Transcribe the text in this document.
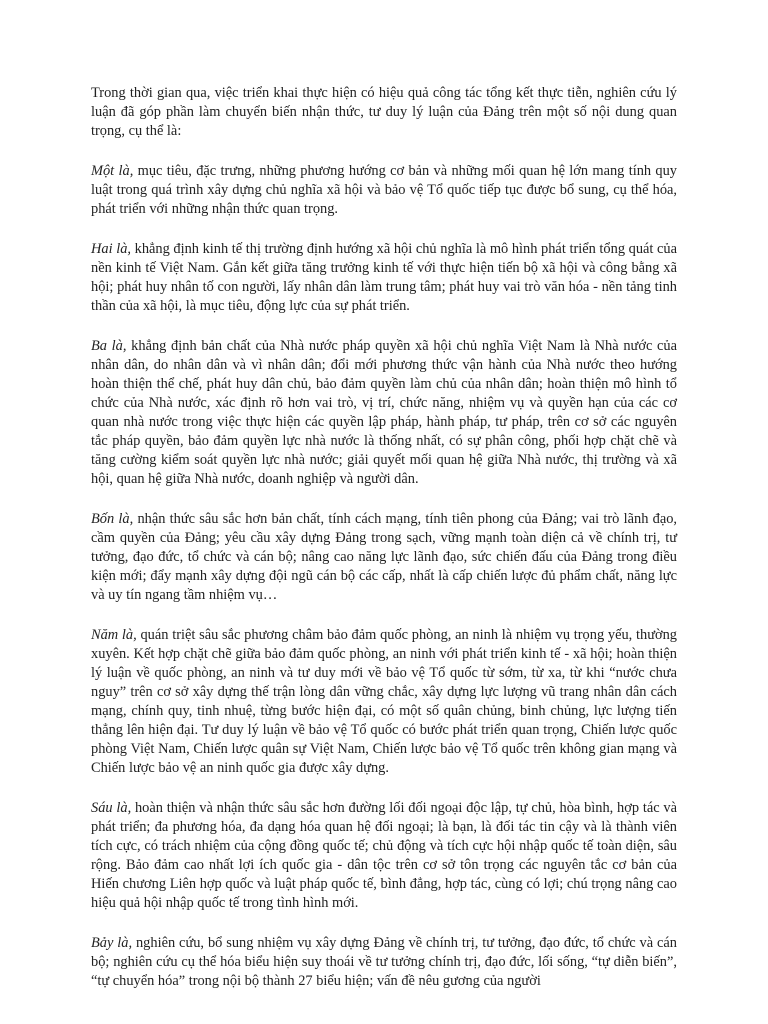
Trong thời gian qua, việc triển khai thực hiện có hiệu quả công tác tổng kết thực tiễn, nghiên cứu lý luận đã góp phần làm chuyển biến nhận thức, tư duy lý luận của Đảng trên một số nội dung quan trọng, cụ thể là:

Một là, mục tiêu, đặc trưng, những phương hướng cơ bản và những mối quan hệ lớn mang tính quy luật trong quá trình xây dựng chủ nghĩa xã hội và bảo vệ Tổ quốc tiếp tục được bổ sung, cụ thể hóa, phát triển với những nhận thức quan trọng.

Hai là, khẳng định kinh tế thị trường định hướng xã hội chủ nghĩa là mô hình phát triển tổng quát của nền kinh tế Việt Nam. Gắn kết giữa tăng trưởng kinh tế với thực hiện tiến bộ xã hội và công bằng xã hội; phát huy nhân tố con người, lấy nhân dân làm trung tâm; phát huy vai trò văn hóa - nền tảng tinh thần của xã hội, là mục tiêu, động lực của sự phát triển.

Ba là, khẳng định bản chất của Nhà nước pháp quyền xã hội chủ nghĩa Việt Nam là Nhà nước của nhân dân, do nhân dân và vì nhân dân; đổi mới phương thức vận hành của Nhà nước theo hướng hoàn thiện thể chế, phát huy dân chủ, bảo đảm quyền làm chủ của nhân dân; hoàn thiện mô hình tổ chức của Nhà nước, xác định rõ hơn vai trò, vị trí, chức năng, nhiệm vụ và quyền hạn của các cơ quan nhà nước trong việc thực hiện các quyền lập pháp, hành pháp, tư pháp, trên cơ sở các nguyên tắc pháp quyền, bảo đảm quyền lực nhà nước là thống nhất, có sự phân công, phối hợp chặt chẽ và tăng cường kiểm soát quyền lực nhà nước; giải quyết mối quan hệ giữa Nhà nước, thị trường và xã hội, quan hệ giữa Nhà nước, doanh nghiệp và người dân.

Bốn là, nhận thức sâu sắc hơn bản chất, tính cách mạng, tính tiên phong của Đảng; vai trò lãnh đạo, cầm quyền của Đảng; yêu cầu xây dựng Đảng trong sạch, vững mạnh toàn diện cả về chính trị, tư tưởng, đạo đức, tổ chức và cán bộ; nâng cao năng lực lãnh đạo, sức chiến đấu của Đảng trong điều kiện mới; đẩy mạnh xây dựng đội ngũ cán bộ các cấp, nhất là cấp chiến lược đủ phẩm chất, năng lực và uy tín ngang tầm nhiệm vụ…

Năm là, quán triệt sâu sắc phương châm bảo đảm quốc phòng, an ninh là nhiệm vụ trọng yếu, thường xuyên. Kết hợp chặt chẽ giữa bảo đảm quốc phòng, an ninh với phát triển kinh tế - xã hội; hoàn thiện lý luận về quốc phòng, an ninh và tư duy mới về bảo vệ Tổ quốc từ sớm, từ xa, từ khi “nước chưa nguy” trên cơ sở xây dựng thế trận lòng dân vững chắc, xây dựng lực lượng vũ trang nhân dân cách mạng, chính quy, tinh nhuệ, từng bước hiện đại, có một số quân chủng, binh chủng, lực lượng tiến thẳng lên hiện đại. Tư duy lý luận về bảo vệ Tổ quốc có bước phát triển quan trọng, Chiến lược quốc phòng Việt Nam, Chiến lược quân sự Việt Nam, Chiến lược bảo vệ Tổ quốc trên không gian mạng và Chiến lược bảo vệ an ninh quốc gia được xây dựng.

Sáu là, hoàn thiện và nhận thức sâu sắc hơn đường lối đối ngoại độc lập, tự chủ, hòa bình, hợp tác và phát triển; đa phương hóa, đa dạng hóa quan hệ đối ngoại; là bạn, là đối tác tin cậy và là thành viên tích cực, có trách nhiệm của cộng đồng quốc tế; chủ động và tích cực hội nhập quốc tế toàn diện, sâu rộng. Bảo đảm cao nhất lợi ích quốc gia - dân tộc trên cơ sở tôn trọng các nguyên tắc cơ bản của Hiến chương Liên hợp quốc và luật pháp quốc tế, bình đẳng, hợp tác, cùng có lợi; chú trọng nâng cao hiệu quả hội nhập quốc tế trong tình hình mới.

Bảy là, nghiên cứu, bổ sung nhiệm vụ xây dựng Đảng về chính trị, tư tưởng, đạo đức, tổ chức và cán bộ; nghiên cứu cụ thể hóa biểu hiện suy thoái về tư tưởng chính trị, đạo đức, lối sống, “tự diễn biến”, “tự chuyển hóa” trong nội bộ thành 27 biểu hiện; vấn đề nêu gương của người
